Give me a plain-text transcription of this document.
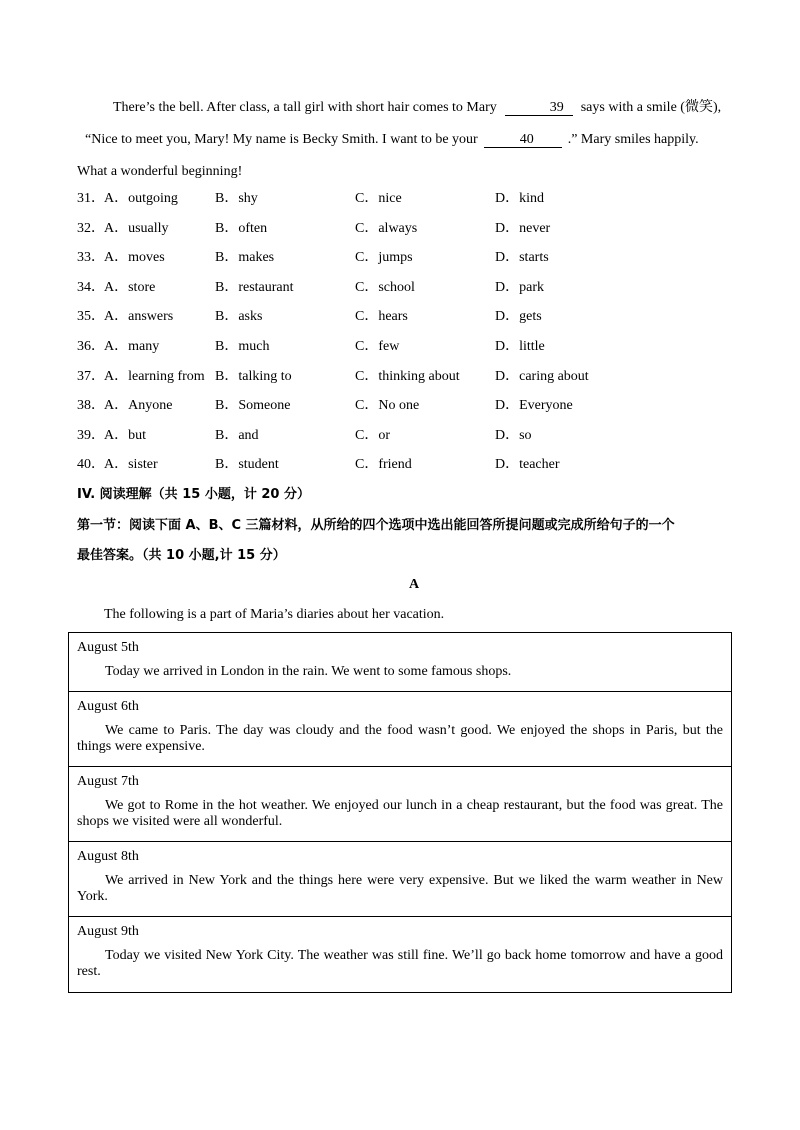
There’s the bell. After class, a tall girl with short hair comes to Mary	39 says with a smile (微笑),

“Nice to meet you, Mary! My name is Becky Smith. I want to be your	40 .” Mary smiles happily.

What a wonderful beginning!

31． A．outgoing	B．shy	C．nice	D．kind
32． A．usually	B．often	C．always	D．never
33． A．moves	B．makes	C．jumps	D．starts
34． A．store	B．restaurant	C．school	D．park
35． A．answers	B．asks	C．hears	D．gets
36． A．many	B．much	C．few	D．little
37． A．learning from B．talking to	C．thinking about	D．caring about
38． A．Anyone	B．Someone	C．No one	D．Everyone
39． A．but	B．and	C．or	D．so
40． A．sister	B．student	C．friend	D．teacher
IV. 阅读理解（共 15 小题，计 20 分）
第一节：阅读下面 A、B、C 三篇材料，从所给的四个选项中选出能回答所提问题或完成所给句子的一个
最佳答案。（共 10 小题,计 15 分）
A
The following is a part of Maria’s diaries about her vacation.
August 5th
Today we arrived in London in the rain. We went to some famous shops.
August 6th
We came to Paris. The day was cloudy and the food wasn’t good. We enjoyed the shops in Paris, but the things were expensive.
August 7th
We got to Rome in the hot weather. We enjoyed our lunch in a cheap restaurant, but the food was great. The shops we visited were all wonderful.
August 8th
We arrived in New York and the things here were very expensive. But we liked the warm weather in New York.
August 9th
Today we visited New York City. The weather was still fine. We’ll go back home tomorrow and have a good rest.
